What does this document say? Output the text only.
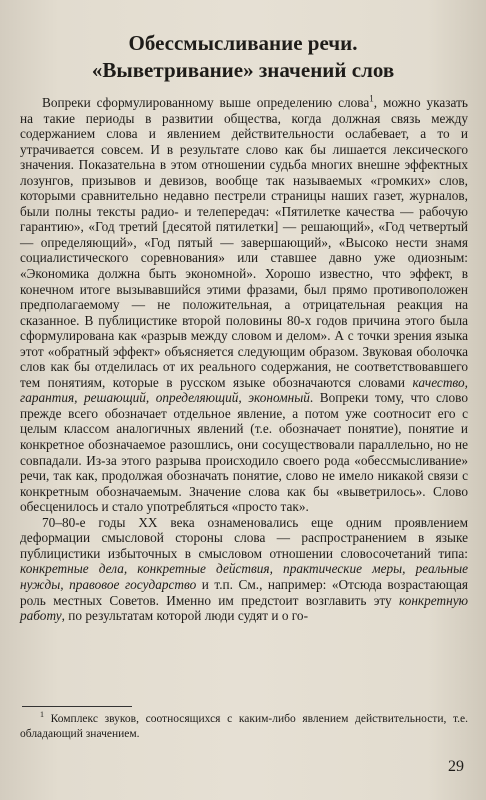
Обессмысливание речи.

«Выветривание» значений слов

Вопреки сформулированному выше определению слова$^1$, можно указать на такие периоды в развитии общества, когда должная связь между содержанием слова и явлением действительности ослабевает, а то и утрачивается совсем. И в результате слово как бы лишается лексического значения. Показательна в этом отношении судьба многих внешне эффектных лозунгов, призывов и девизов, вообще так называемых «громких» слов, которыми сравнительно недавно пестрели страницы наших газет, журналов, были полны тексты радио- и телепередач: «Пятилетке качества — рабочую гарантию», «Год третий [десятой пятилетки] — решающий», «Год четвертый — определяющий», «Год пятый — завершающий», «Высоко нести знамя социалистического соревнования» или ставшее давно уже одиозным: «Экономика должна быть экономной». Хорошо известно, что эффект, в конечном итоге вызывавшийся этими фразами, был прямо противоположен предполагаемому — не положительная, а отрицательная реакция на сказанное. В публицистике второй половины 80-х годов причина этого была сформулирована как «разрыв между словом и делом». А с точки зрения языка этот «обратный эффект» объясняется следующим образом. Звуковая оболочка слов как бы отделилась от их реального содержания, не соответствовавшего тем понятиям, которые в русском языке обозначаются словами качество, гарантия, решающий, определяющий, экономный. Вопреки тому, что слово прежде всего обозначает отдельное явление, а потом уже соотносит его с целым классом аналогичных явлений (т.е. обозначает понятие), понятие и конкретное обозначаемое разошлись, они сосуществовали параллельно, но не совпадали. Из-за этого разрыва происходило своего рода «обессмысливание» речи, так как, продолжая обозначать понятие, слово не имело никакой связи с конкретным обозначаемым. Значение слова как бы «выветрилось». Слово обесценилось и стало употребляться «просто так».

70–80-е годы XX века ознаменовались еще одним проявлением деформации смысловой стороны слова — распространением в языке публицистики избыточных в смысловом отношении словосочетаний типа: конкретные дела, конкретные действия, практические меры, реальные нужды, правовое государство и т.п. См., например: «Отсюда возрастающая роль местных Советов. Именно им предстоит возглавить эту конкретную работу, по результатам которой люди судят и о го-

$^1$ Комплекс звуков, соотносящихся с каким-либо явлением действительности, т.е. обладающий значением.

29
